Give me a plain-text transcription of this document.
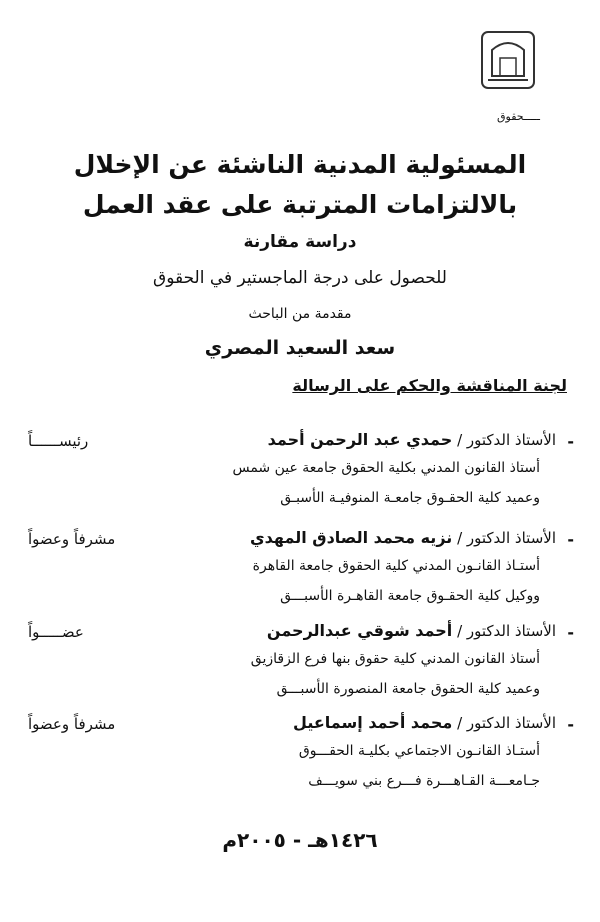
ـــــحقوق
المسئولية المدنية الناشئة عن الإخلال
بالالتزامات المترتبة على عقد العمل
دراسة مقارنة
للحصول على درجة الماجستير في الحقوق
مقدمة من الباحث
سعد السعيد المصري
لجنة المناقشة والحكم على الرسالة
-
الأستاذ الدكتور / حمدي عبد الرحمن أحمد
أستاذ القانون المدني بكلية الحقوق جامعة عين شمس
وعميد كلية الحقـوق جامعـة المنوفيـة الأسبـق
رئيســــــاً
-
الأستاذ الدكتور / نزيه محمد الصادق المهدي
أستـاذ القانـون المدني كلية الحقوق جامعة القاهرة
ووكيل كلية الحقـوق جامعة القاهـرة الأسبـــق
مشرفاً وعضواً
-
الأستاذ الدكتور / أحمد شوقي عبدالرحمن
أستاذ القانون المدني كلية حقوق بنها فرع الزقازيق
وعميد كلية الحقوق جامعة المنصورة الأسبـــق
عضـــــواً
-
الأستاذ الدكتور / محمد أحمد إسماعيل
أستـاذ القانـون الاجتماعي بكليـة الحقـــوق
جـامعـــة القـاهـــرة فـــرع بني سويـــف
مشرفاً وعضواً
١٤٢٦هـ - ٢٠٠٥م
